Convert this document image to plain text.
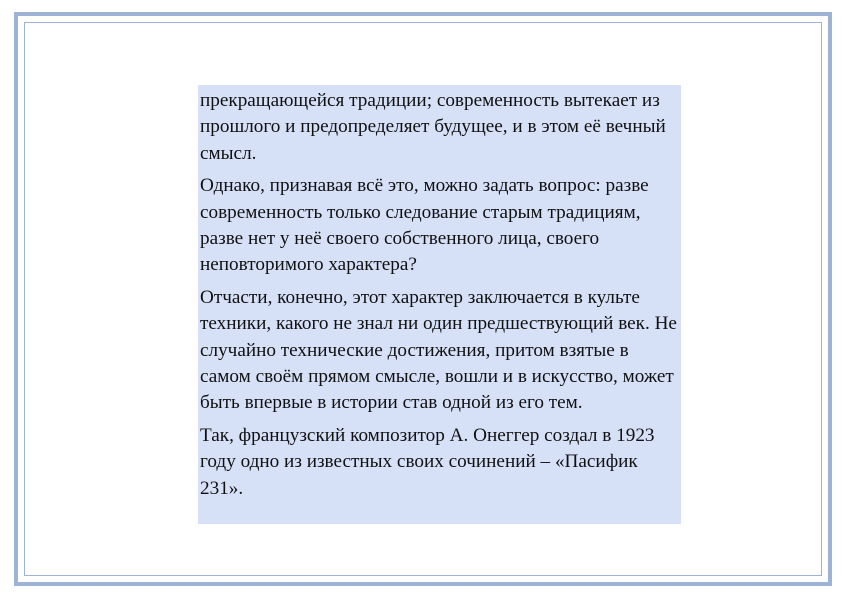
прекращающейся традиции; современность вытекает из прошлого и предопределяет будущее, и в этом её вечный смысл.

Однако, признавая всё это, можно задать вопрос: разве современность только следование старым традициям, разве нет у неё своего собственного лица, своего неповторимого характера?

Отчасти, конечно, этот характер заключается в культе техники, какого не знал ни один предшествующий век. Не случайно технические достижения, притом взятые в самом своём прямом смысле, вошли и в искусство, может быть впервые в истории став одной из его тем.

Так, французский композитор А. Онеггер создал в 1923 году одно из известных своих сочинений – «Пасифик 231».
